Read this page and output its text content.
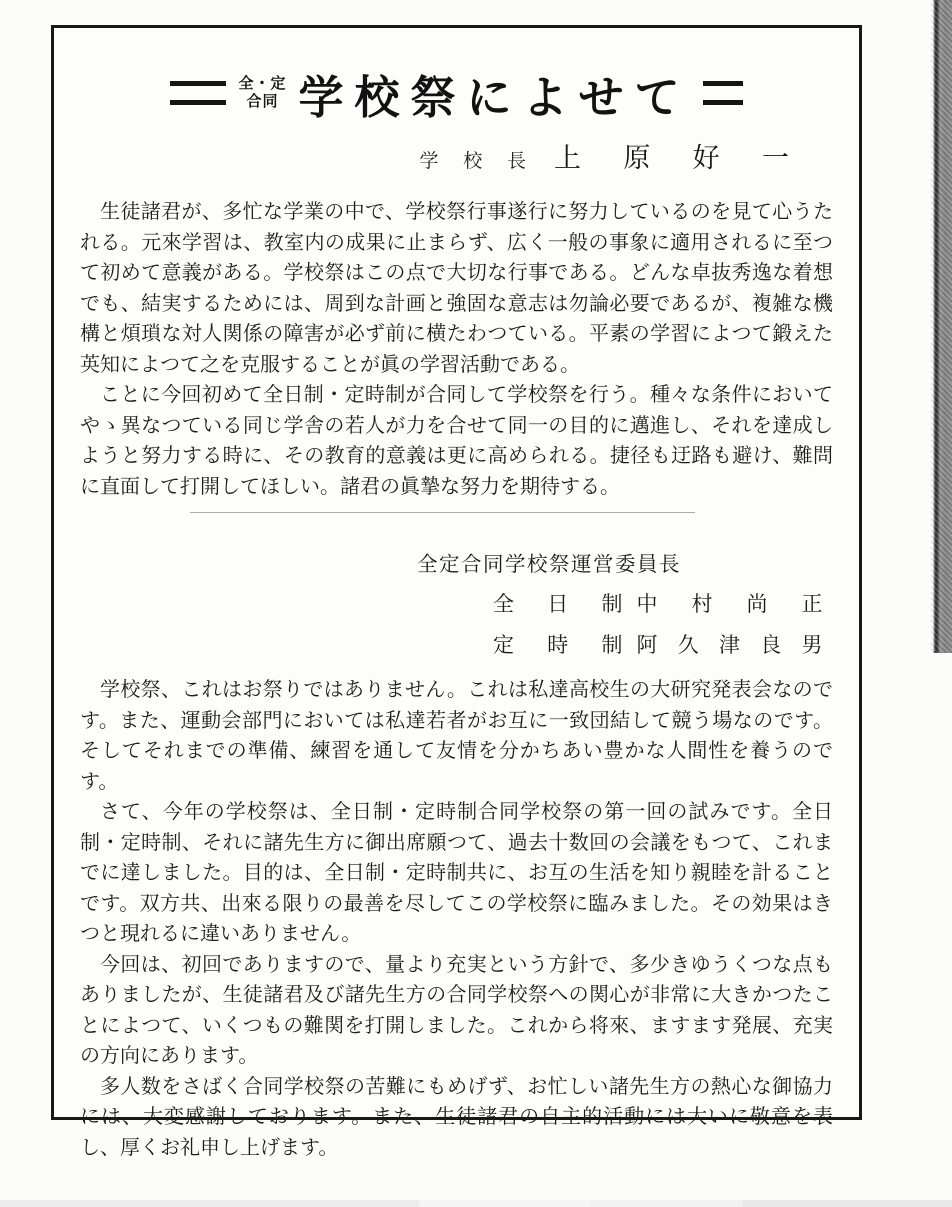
全・定
合同 学校祭によせて
学 校 長 上 原 好 一

生徒諸君が、多忙な学業の中で、学校祭行事遂行に努力しているのを見て心うたれる。元來学習は、教室内の成果に止まらず、広く一般の事象に適用されるに至つて初めて意義がある。学校祭はこの点で大切な行事である。どんな卓抜秀逸な着想でも、結実するためには、周到な計画と強固な意志は勿論必要であるが、複雑な機構と煩瑣な対人関係の障害が必ず前に横たわつている。平素の学習によつて鍛えた英知によつて之を克服することが眞の学習活動である。

ことに今回初めて全日制・定時制が合同して学校祭を行う。種々な条件においてやゝ異なつている同じ学舎の若人が力を合せて同一の目的に邁進し、それを達成しようと努力する時に、その教育的意義は更に高められる。捷径も迂路も避け、難問に直面して打開してほしい。諸君の眞摯な努力を期待する。

全定合同学校祭運営委員長
全 日 制 中 村 尚 正
定 時 制 阿 久 津 良 男

学校祭、これはお祭りではありません。これは私達高校生の大研究発表会なのです。また、運動会部門においては私達若者がお互に一致団結して競う場なのです。そしてそれまでの準備、練習を通して友情を分かちあい豊かな人間性を養うのです。

さて、今年の学校祭は、全日制・定時制合同学校祭の第一回の試みです。全日制・定時制、それに諸先生方に御出席願つて、過去十数回の会議をもつて、これまでに達しました。目的は、全日制・定時制共に、お互の生活を知り親睦を計ることです。双方共、出來る限りの最善を尽してこの学校祭に臨みました。その効果はきつと現れるに違いありません。

今回は、初回でありますので、量より充実という方針で、多少きゆうくつな点もありましたが、生徒諸君及び諸先生方の合同学校祭への関心が非常に大きかつたことによつて、いくつもの難関を打開しました。これから将來、ますます発展、充実の方向にあります。

多人数をさばく合同学校祭の苦難にもめげず、お忙しい諸先生方の熱心な御協力には、大変感謝しております。また、生徒諸君の自主的活動には大いに敬意を表し、厚くお礼申し上げます。
